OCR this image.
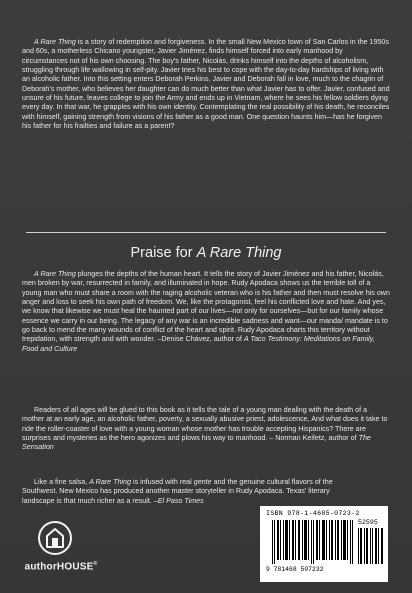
A Rare Thing is a story of redemption and forgiveness. In the small New Mexico town of San Carlos in the 1950s and 60s, a motherless Chicano youngster, Javier Jiménez, finds himself forced into early manhood by circumstances not of his own choosing. The boy's father, Nicolás, drinks himself into the depths of alcoholism, struggling through life wallowing in self-pity. Javier tries his best to cope with the day-to-day hardships of living with an alcoholic father. Into this setting enters Deborah Perkins. Javier and Deborah fall in love, much to the chagrin of Deborah's mother, who believes her daughter can do much better than what Javier has to offer. Javier, confused and unsure of his future, leaves college to join the Army and ends up in Vietnam, where he sees his fellow soldiers dying every day. In that war, he grapples with his own identity. Contemplating the real possibility of his death, he reconciles with himself, gaining strength from visions of his father as a good man. One question haunts him—has he forgiven his father for his frailties and failure as a parent?

Praise for A Rare Thing

A Rare Thing plunges the depths of the human heart. It tells the story of Javier Jiménez and his father, Nicolás, men broken by war, resurrected in family, and illuminated in hope. Rudy Apodaca shows us the terrible toll of a young man who must share a room with the raging alcoholic veteran who is his father and then must resolve his own anger and loss to seek his own path of freedom. We, like the protagonist, feel his conflicted love and hate. And yes, we know that likewise we must heal the haunted part of our lives—not only for ourselves—but for our family whose essence we carry in our being. The legacy of any war is an incredible sadness and want—our manda/ mandate is to go back to mend the many wounds of conflict of the heart and spirit. Rudy Apodaca charts this territory without trepidation, with strength and with wonder. –Denise Chávez, author of A Taco Testimony: Meditations on Family, Food and Culture

Readers of all ages will be glued to this book as it tells the tale of a young man dealing with the death of a mother at an early age, an alcoholic father, poverty, a sexually abusive priest, adolescence, And what does it take to ride the roller-coaster of love with a young woman whose mother has trouble accepting Hispanics? There are surprises and mysteries as the hero agonizes and plows his way to manhood. – Norman Keifetz, author of The Sensation

Like a fine salsa, A Rare Thing is infused with real gente and the genuine cultural flavors of the Southwest. New Mexico has produced another master storyteller in Rudy Apodaca. Texas' literary landscape is that much richer as a result. –El Paso Times

authorHOUSE®
ISBN 978-1-4685-0723-2
52595
9 781468 507232
